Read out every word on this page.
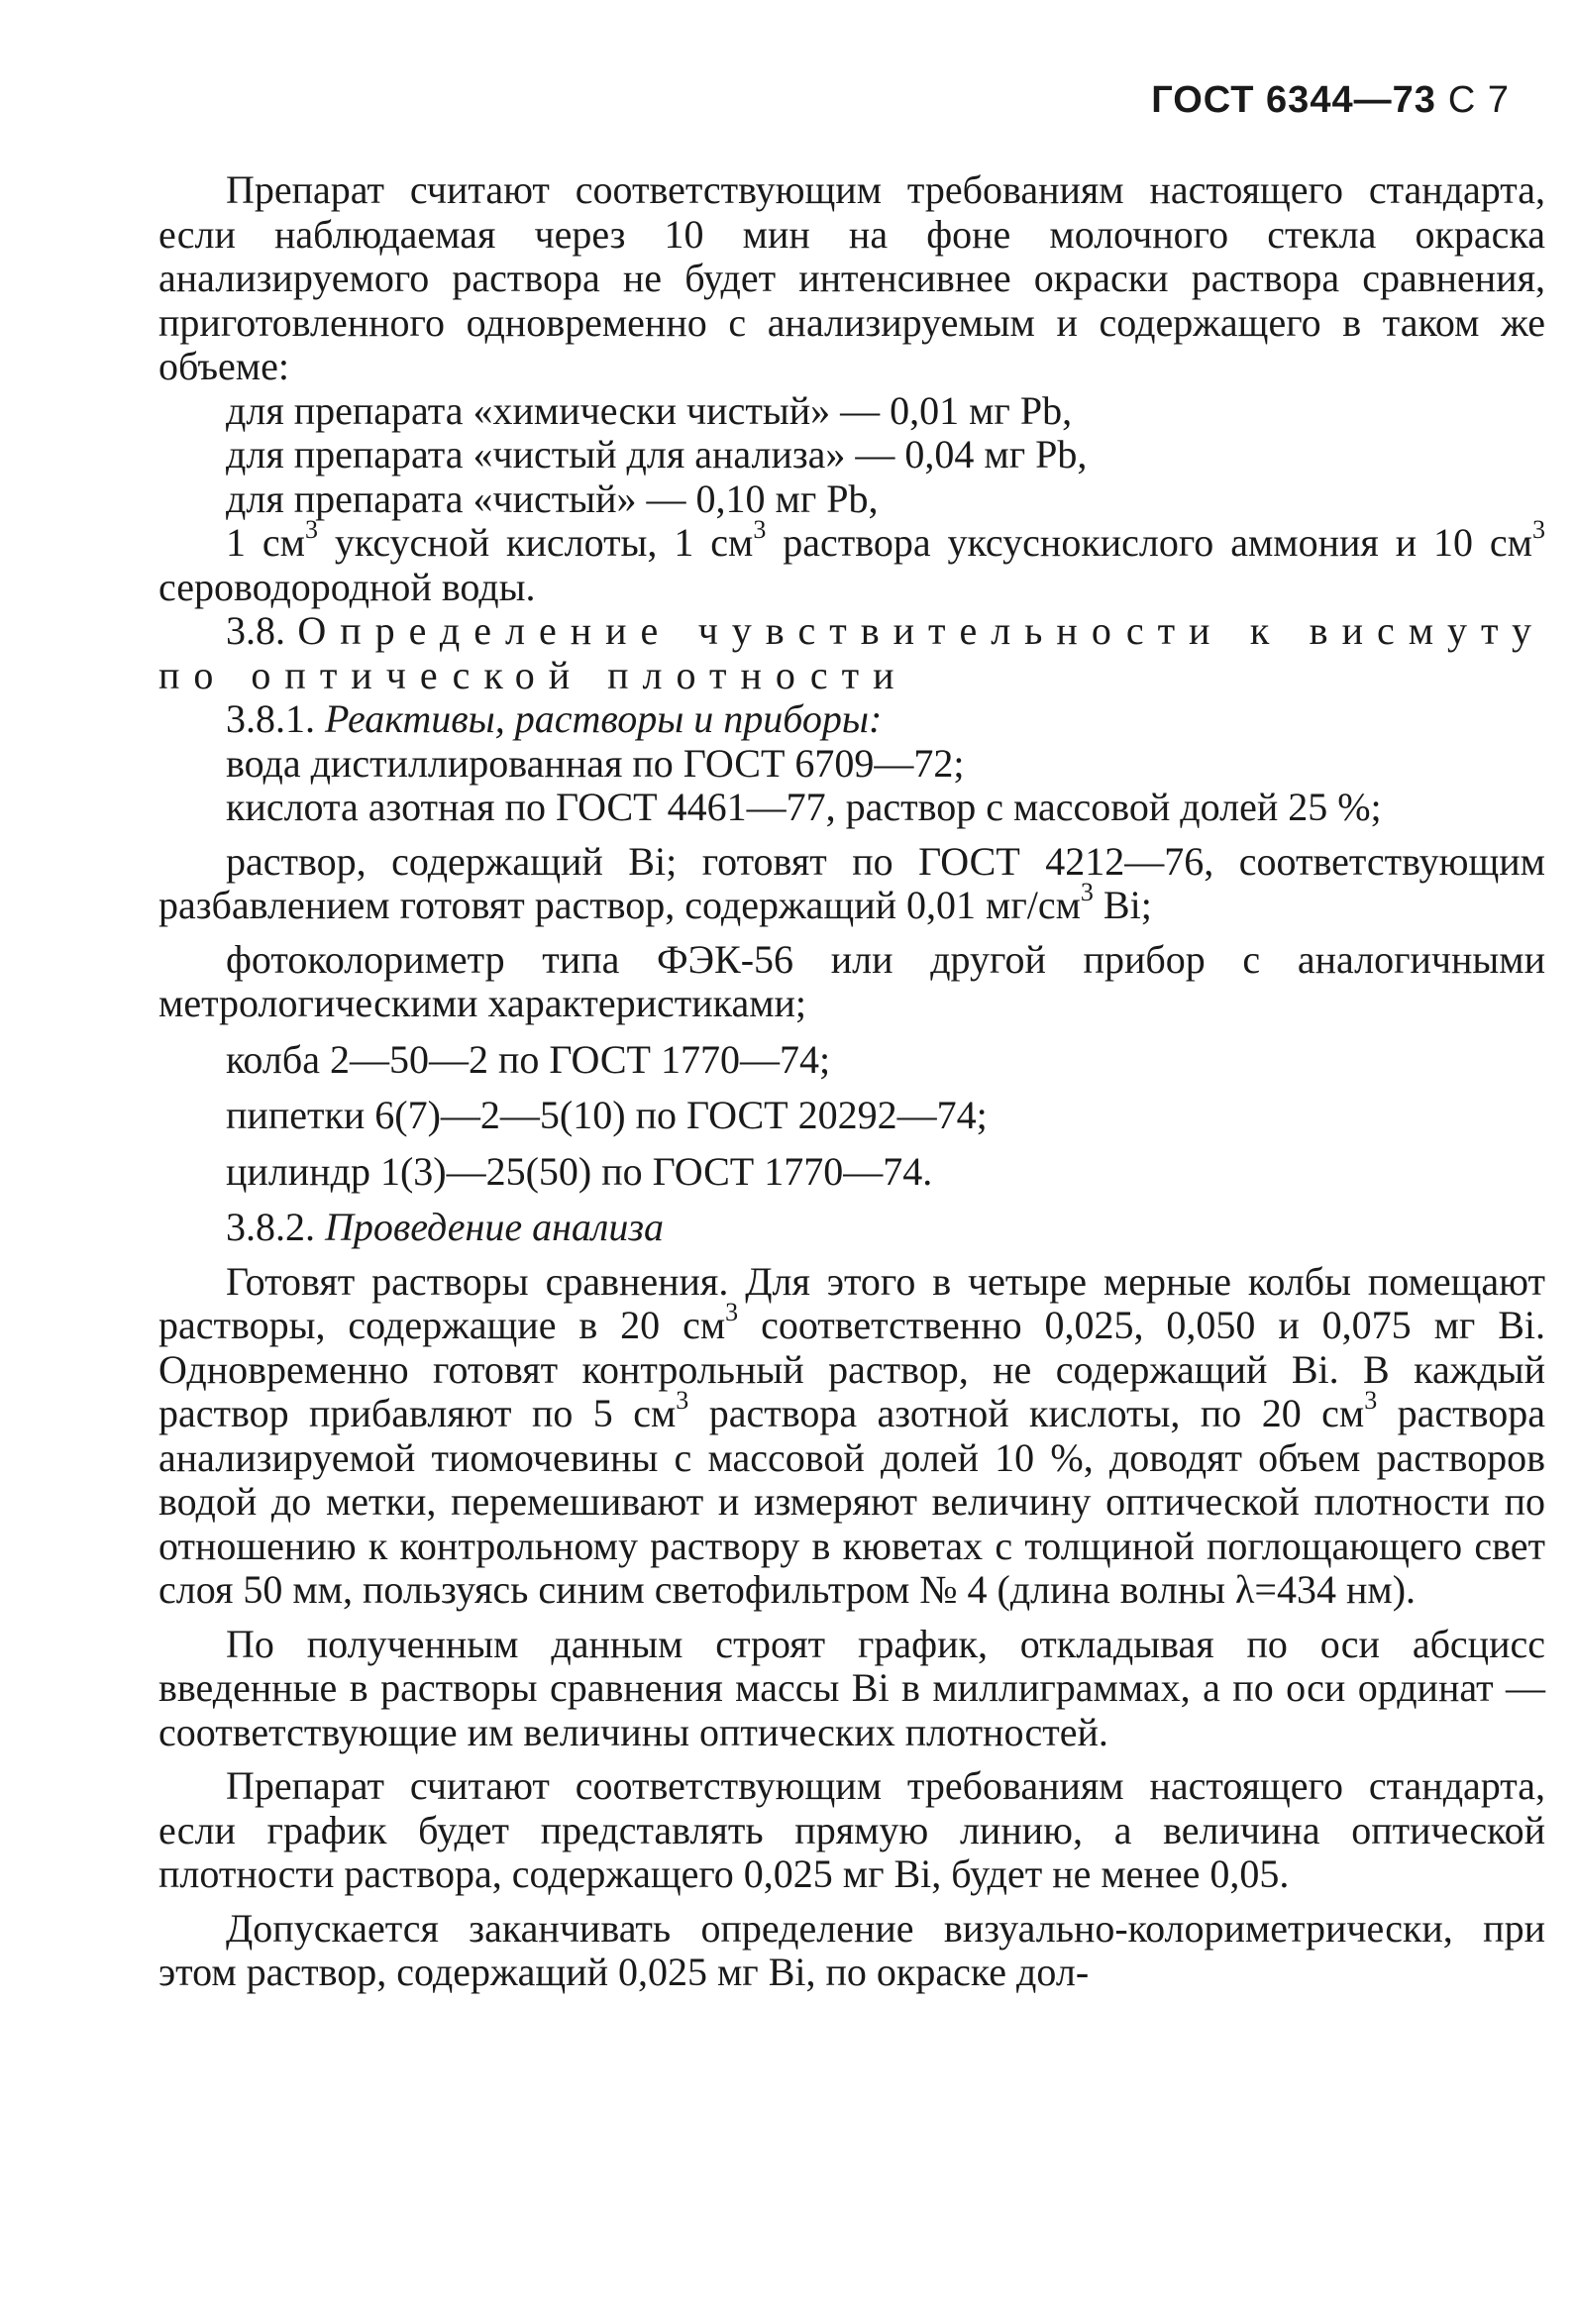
ГОСТ 6344—73 С 7

Препарат считают соответствующим требованиям настоящего стандарта, если наблюдаемая через 10 мин на фоне молочного стекла окраска анализируемого раствора не будет интенсивнее окраски раствора сравнения, приготовленного одновременно с анализируемым и содержащего в таком же объеме:

для препарата «химически чистый» — 0,01 мг Pb,

для препарата «чистый для анализа» — 0,04 мг Pb,

для препарата «чистый» — 0,10 мг Pb,

1 $см^3$ уксусной кислоты, 1 $см^3$ раствора уксуснокислого аммония и 10 $см^3$ сероводородной воды.

3.8. Определение чувствительности к висмуту по оптической плотности

3.8.1. Реактивы, растворы и приборы:

вода дистиллированная по ГОСТ 6709—72;

кислота азотная по ГОСТ 4461—77, раствор с массовой долей 25 %;

раствор, содержащий Bi; готовят по ГОСТ 4212—76, соответствующим разбавлением готовят раствор, содержащий 0,01 $мг/см^3$ Bi;

фотоколориметр типа ФЭК-56 или другой прибор с аналогичными метрологическими характеристиками;

колба 2—50—2 по ГОСТ 1770—74;

пипетки 6(7)—2—5(10) по ГОСТ 20292—74;

цилиндр 1(3)—25(50) по ГОСТ 1770—74.

3.8.2. Проведение анализа

Готовят растворы сравнения. Для этого в четыре мерные колбы помещают растворы, содержащие в 20 $см^3$ соответственно 0,025, 0,050 и 0,075 мг Bi. Одновременно готовят контрольный раствор, не содержащий Bi. В каждый раствор прибавляют по 5 $см^3$ раствора азотной кислоты, по 20 $см^3$ раствора анализируемой тиомочевины с массовой долей 10 %, доводят объем растворов водой до метки, перемешивают и измеряют величину оптической плотности по отношению к контрольному раствору в кюветах с толщиной поглощающего свет слоя 50 мм, пользуясь синим светофильтром № 4 (длина волны λ=434 нм).

По полученным данным строят график, откладывая по оси абсцисс введенные в растворы сравнения массы Bi в миллиграммах, а по оси ординат — соответствующие им величины оптических плотностей.

Препарат считают соответствующим требованиям настоящего стандарта, если график будет представлять прямую линию, а величина оптической плотности раствора, содержащего 0,025 мг Bi, будет не менее 0,05.

Допускается заканчивать определение визуально-колориметрически, при этом раствор, содержащий 0,025 мг Bi, по окраске дол-
